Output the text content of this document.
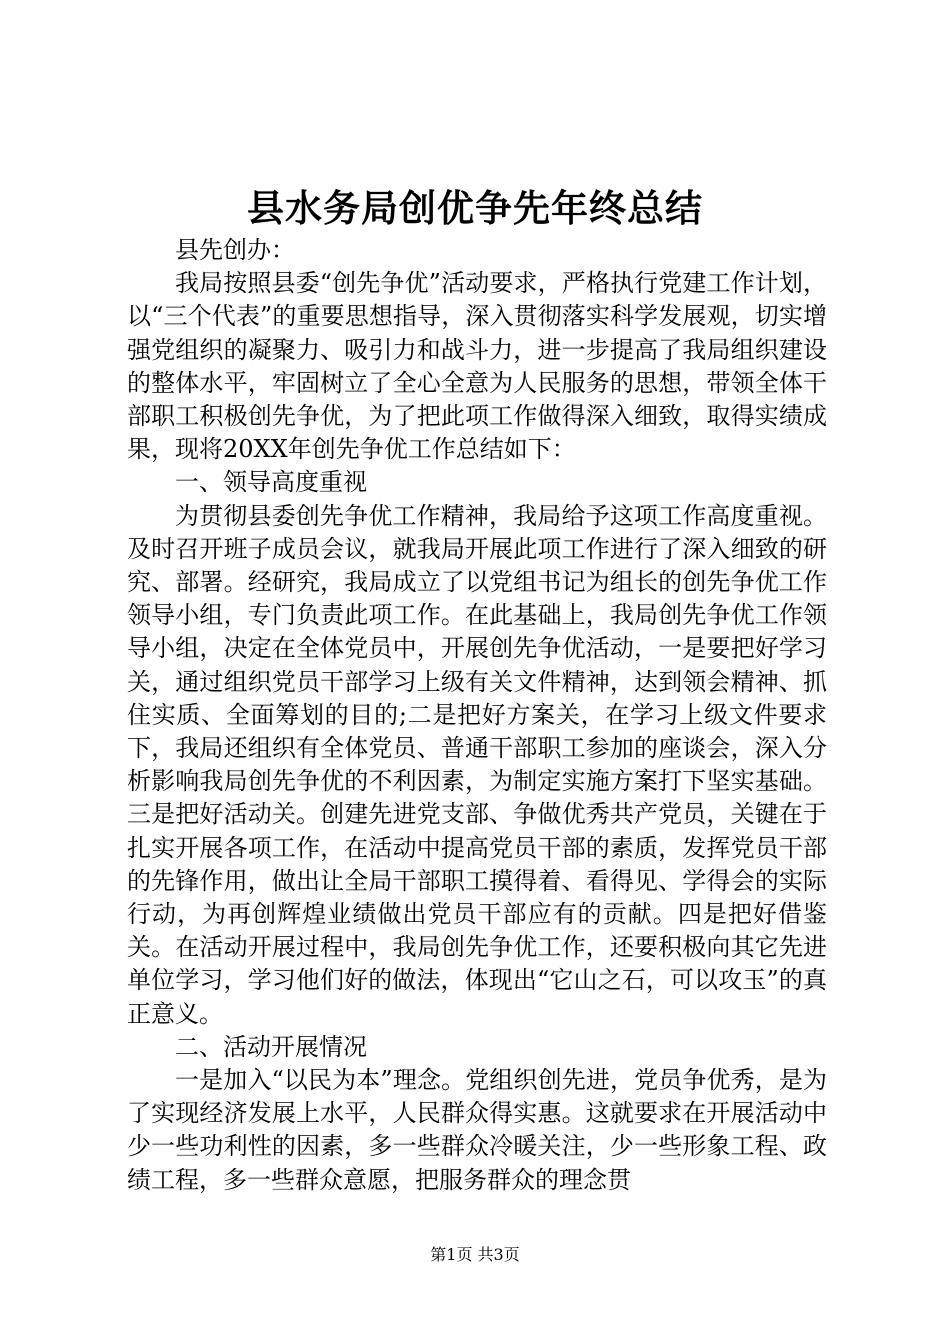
县水务局创优争先年终总结

县先创办：

我局按照县委“创先争优”活动要求，严格执行党建工作计划，以“三个代表”的重要思想指导，深入贯彻落实科学发展观，切实增强党组织的凝聚力、吸引力和战斗力，进一步提高了我局组织建设的整体水平，牢固树立了全心全意为人民服务的思想，带领全体干部职工积极创先争优，为了把此项工作做得深入细致，取得实绩成果，现将20XX年创先争优工作总结如下：

一、领导高度重视

为贯彻县委创先争优工作精神，我局给予这项工作高度重视。及时召开班子成员会议，就我局开展此项工作进行了深入细致的研究、部署。经研究，我局成立了以党组书记为组长的创先争优工作领导小组，专门负责此项工作。在此基础上，我局创先争优工作领导小组，决定在全体党员中，开展创先争优活动，一是要把好学习关，通过组织党员干部学习上级有关文件精神，达到领会精神、抓住实质、全面筹划的目的;二是把好方案关，在学习上级文件要求下，我局还组织有全体党员、普通干部职工参加的座谈会，深入分析影响我局创先争优的不利因素，为制定实施方案打下坚实基础。三是把好活动关。创建先进党支部、争做优秀共产党员，关键在于扎实开展各项工作，在活动中提高党员干部的素质，发挥党员干部的先锋作用，做出让全局干部职工摸得着、看得见、学得会的实际行动，为再创辉煌业绩做出党员干部应有的贡献。四是把好借鉴关。在活动开展过程中，我局创先争优工作，还要积极向其它先进单位学习，学习他们好的做法，体现出“它山之石，可以攻玉”的真正意义。

二、活动开展情况

一是加入“以民为本”理念。党组织创先进，党员争优秀，是为了实现经济发展上水平，人民群众得实惠。这就要求在开展活动中少一些功利性的因素，多一些群众冷暖关注，少一些形象工程、政绩工程，多一些群众意愿，把服务群众的理念贯

第1页 共3页
